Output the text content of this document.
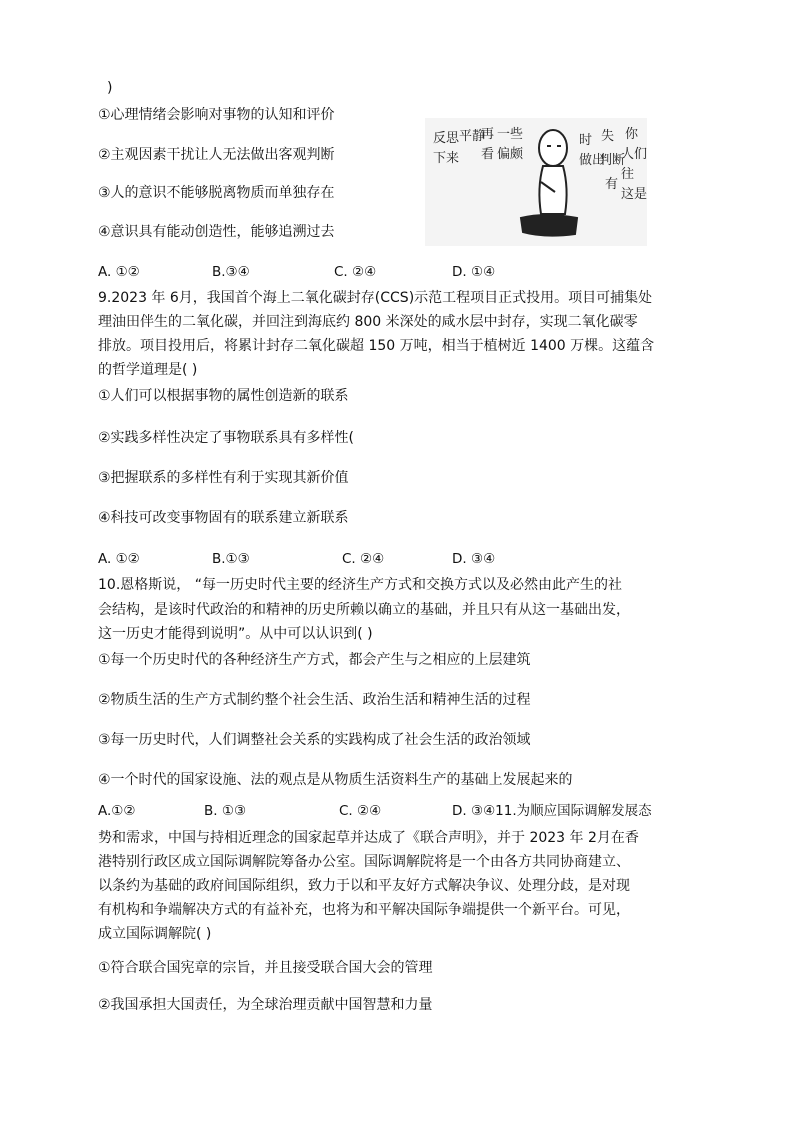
)
①心理情绪会影响对事物的认知和评价
②主观因素干扰让人无法做出客观判断
③人的意识不能够脱离物质而单独存在
④意识具有能动创造性，能够追溯过去
反思
下来
平静
再
看
一些
偏颇
时
做出
判断
失 你
人们
往
这是
有
A. ①②	B.③④	C. ②④	D. ①④
9.2023 年 6月，我国首个海上二氧化碳封存(CCS)示范工程项目正式投用。项目可捕集处
理油田伴生的二氧化碳，并回注到海底约 800 米深处的咸水层中封存，实现二氧化碳零
排放。项目投用后，将累计封存二氧化碳超 150 万吨，相当于植树近 1400 万棵。这蕴含
的哲学道理是( )
①人们可以根据事物的属性创造新的联系
②实践多样性决定了事物联系具有多样性(
③把握联系的多样性有利于实现其新价值
④科技可改变事物固有的联系建立新联系
A. ①②	B.①③	C. ②④	D. ③④
10.恩格斯说， “每一历史时代主要的经济生产方式和交换方式以及必然由此产生的社
会结构，是该时代政治的和精神的历史所赖以确立的基础，并且只有从这一基础出发，
这一历史才能得到说明”。从中可以认识到( )
①每一个历史时代的各种经济生产方式，都会产生与之相应的上层建筑
②物质生活的生产方式制约整个社会生活、政治生活和精神生活的过程
③每一历史时代，人们调整社会关系的实践构成了社会生活的政治领域
④一个时代的国家设施、法的观点是从物质生活资料生产的基础上发展起来的
A.①②	B. ①③	C. ②④	D. ③④11.为顺应国际调解发展态
势和需求，中国与持相近理念的国家起草并达成了《联合声明》，并于 2023 年 2月在香
港特别行政区成立国际调解院筹备办公室。国际调解院将是一个由各方共同协商建立、
以条约为基础的政府间国际组织，致力于以和平友好方式解决争议、处理分歧，是对现
有机构和争端解决方式的有益补充，也将为和平解决国际争端提供一个新平台。可见，
成立国际调解院( )
①符合联合国宪章的宗旨，并且接受联合国大会的管理
②我国承担大国责任，为全球治理贡献中国智慧和力量
